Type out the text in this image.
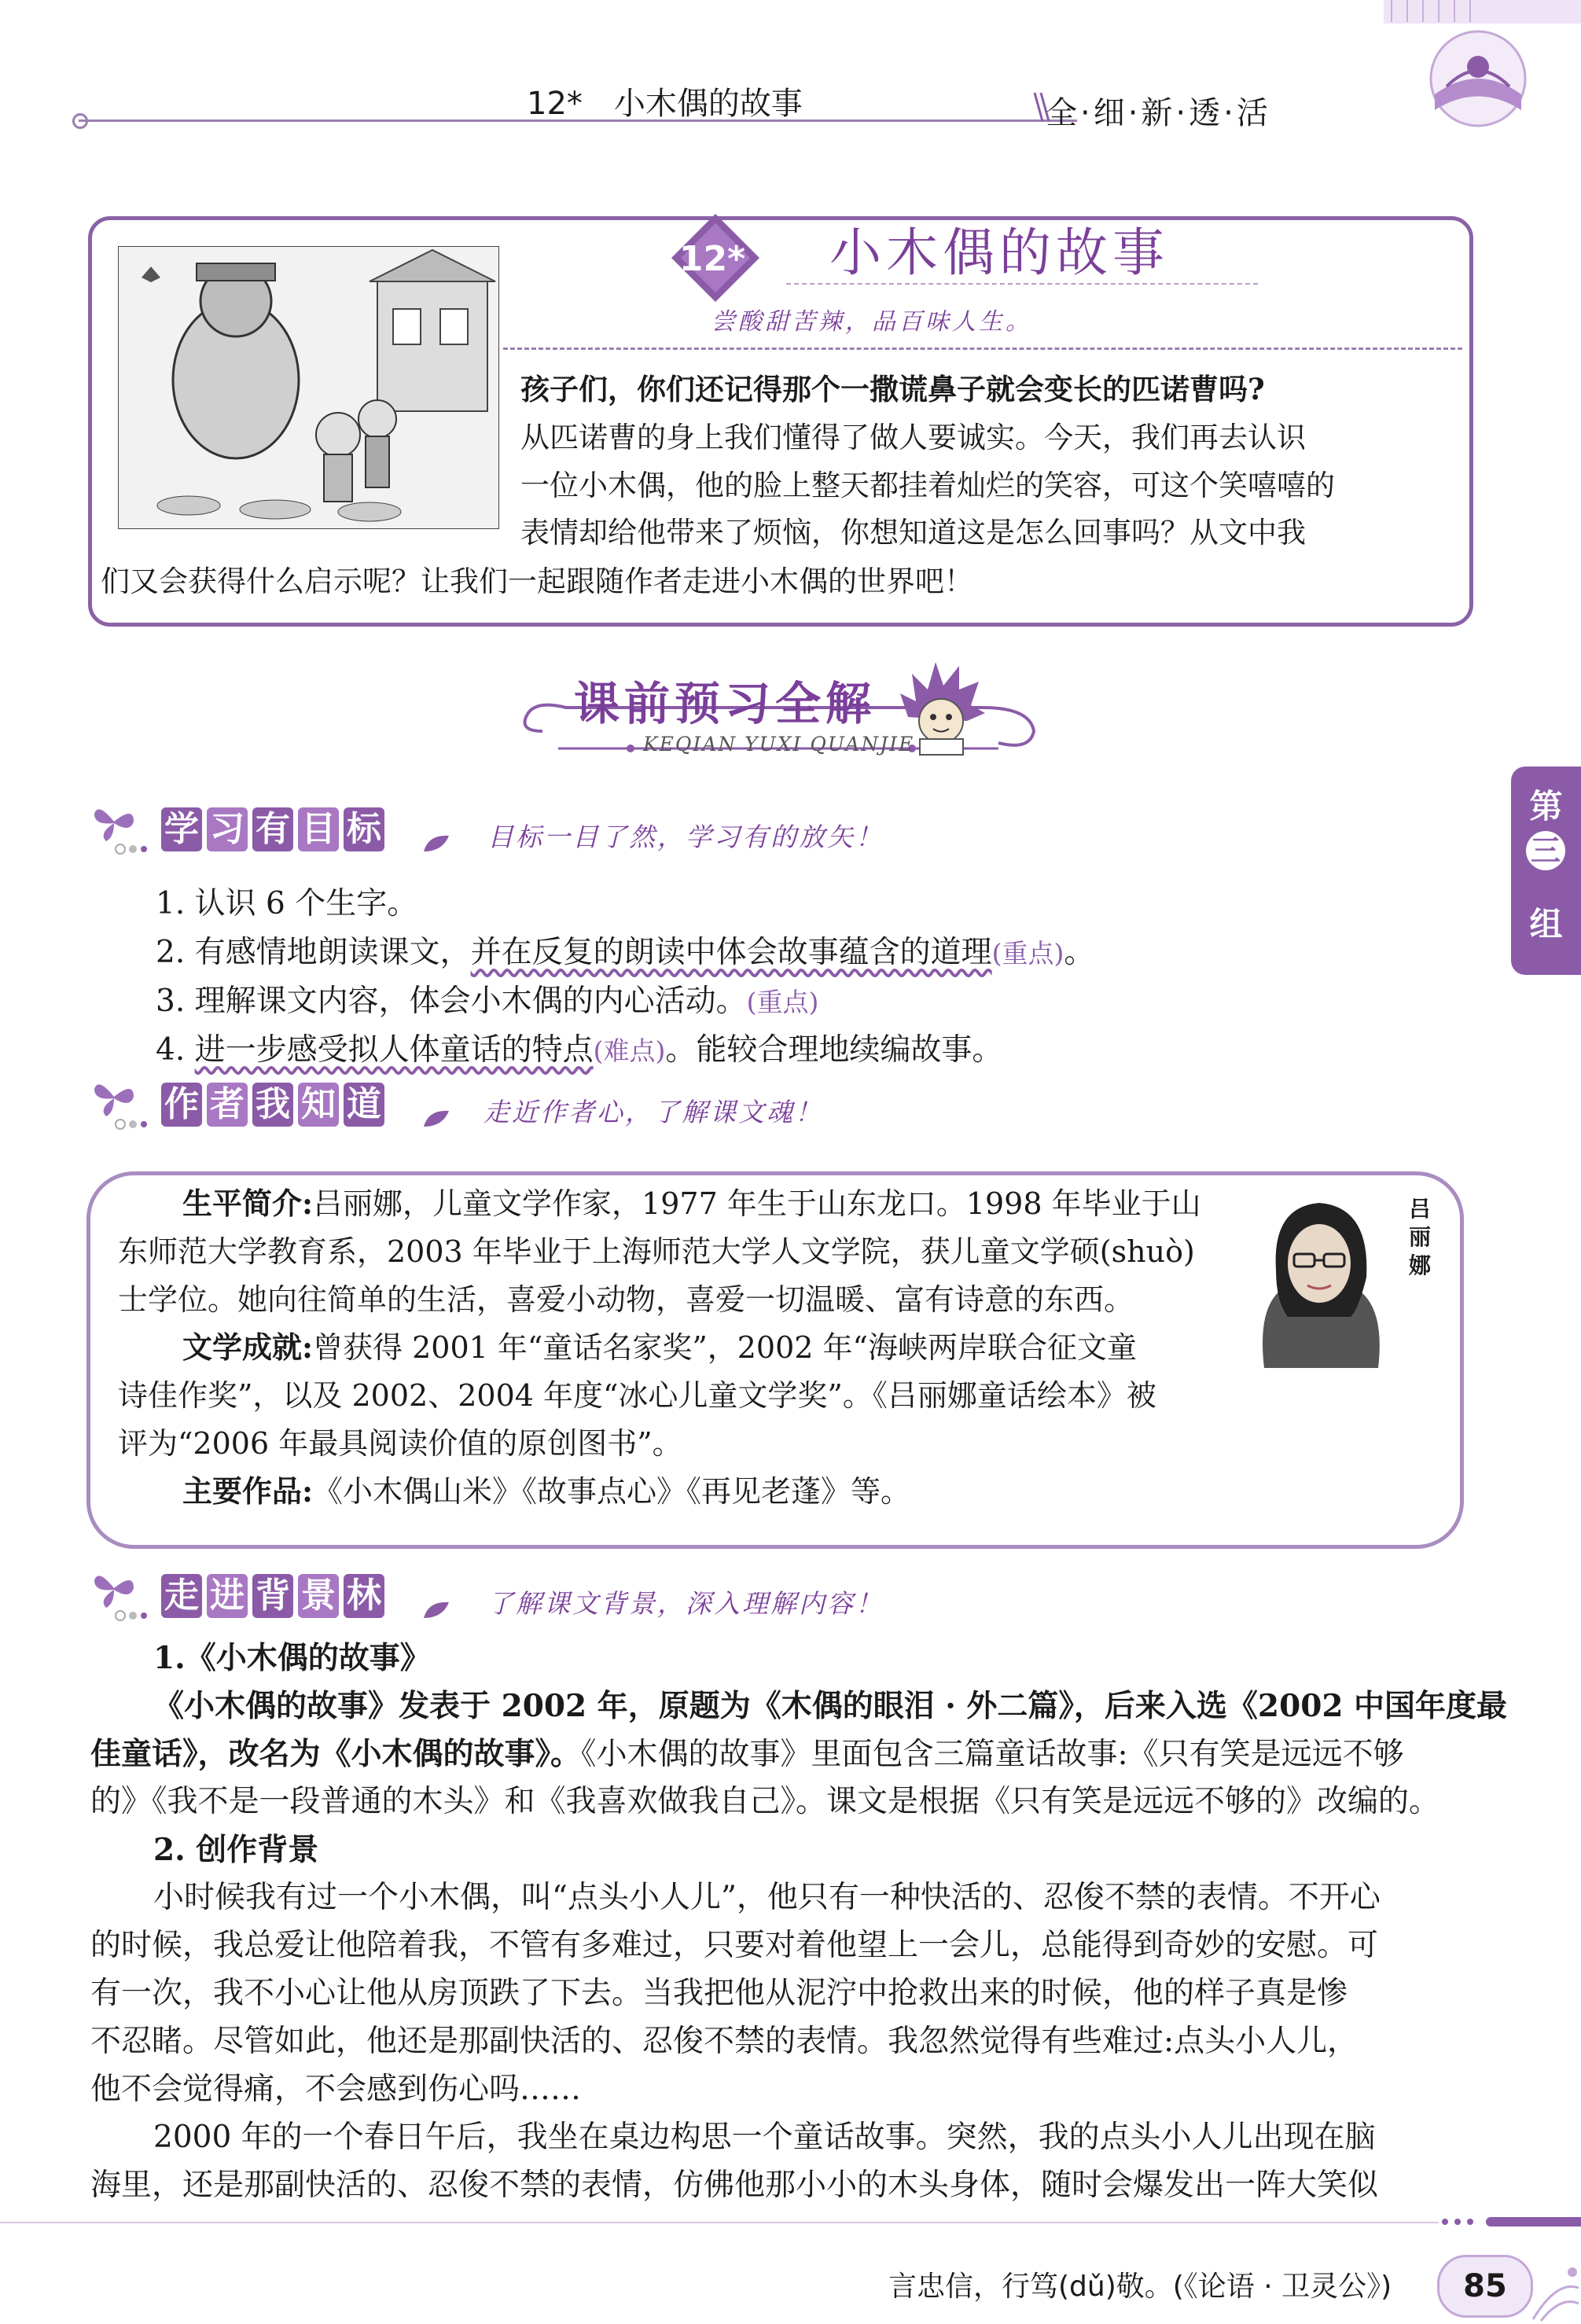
12*　小木偶的故事	全·细·新·透·活
12* 小木偶的故事
尝酸甜苦辣，品百味人生。
孩子们，你们还记得那个一撒谎鼻子就会变长的匹诺曹吗?
从匹诺曹的身上我们懂得了做人要诚实。今天，我们再去认识
一位小木偶，他的脸上整天都挂着灿烂的笑容，可这个笑嘻嘻的
表情却给他带来了烦恼，你想知道这是怎么回事吗？从文中我
们又会获得什么启示呢？让我们一起跟随作者走进小木偶的世界吧！
课前预习全解
KEQIAN YUXI QUANJIE
学 习 有 目 标	目标一目了然，学习有的放矢！
1. 认识 6 个生字。
2. 有感情地朗读课文，并在反复的朗读中体会故事蕴含的道理(重点)。
3. 理解课文内容，体会小木偶的内心活动。(重点)
4. 进一步感受拟人体童话的特点(难点)。能较合理地续编故事。
作 者 我 知 道	走近作者心，了解课文魂！
吕丽娜
生平简介:吕丽娜，儿童文学作家，1977 年生于山东龙口。1998 年毕业于山
东师范大学教育系，2003 年毕业于上海师范大学人文学院，获儿童文学硕(shuò)
士学位。她向往简单的生活，喜爱小动物，喜爱一切温暖、富有诗意的东西。
文学成就:曾获得 2001 年“童话名家奖”，2002 年“海峡两岸联合征文童
诗佳作奖”，以及 2002、2004 年度“冰心儿童文学奖”。《吕丽娜童话绘本》被
评为“2006 年最具阅读价值的原创图书”。
主要作品:《小木偶山米》《故事点心》《再见老蓬》等。
走 进 背 景 林	了解课文背景，深入理解内容！
1.《小木偶的故事》
《小木偶的故事》发表于 2002 年，原题为《木偶的眼泪 · 外二篇》，后来入选《2002 中国年度最
佳童话》，改名为《小木偶的故事》。《小木偶的故事》里面包含三篇童话故事:《只有笑是远远不够
的》《我不是一段普通的木头》和《我喜欢做我自己》。课文是根据《只有笑是远远不够的》改编的。
2. 创作背景
小时候我有过一个小木偶，叫“点头小人儿”，他只有一种快活的、忍俊不禁的表情。不开心
的时候，我总爱让他陪着我，不管有多难过，只要对着他望上一会儿，总能得到奇妙的安慰。可
有一次，我不小心让他从房顶跌了下去。当我把他从泥泞中抢救出来的时候，他的样子真是惨
不忍睹。尽管如此，他还是那副快活的、忍俊不禁的表情。我忽然觉得有些难过:点头小人儿，
他不会觉得痛，不会感到伤心吗……
2000 年的一个春日午后，我坐在桌边构思一个童话故事。突然，我的点头小人儿出现在脑
海里，还是那副快活的、忍俊不禁的表情，仿佛他那小小的木头身体，随时会爆发出一阵大笑似
第
三
组
言忠信，行笃(dǔ)敬。(《论语 · 卫灵公》)	85
